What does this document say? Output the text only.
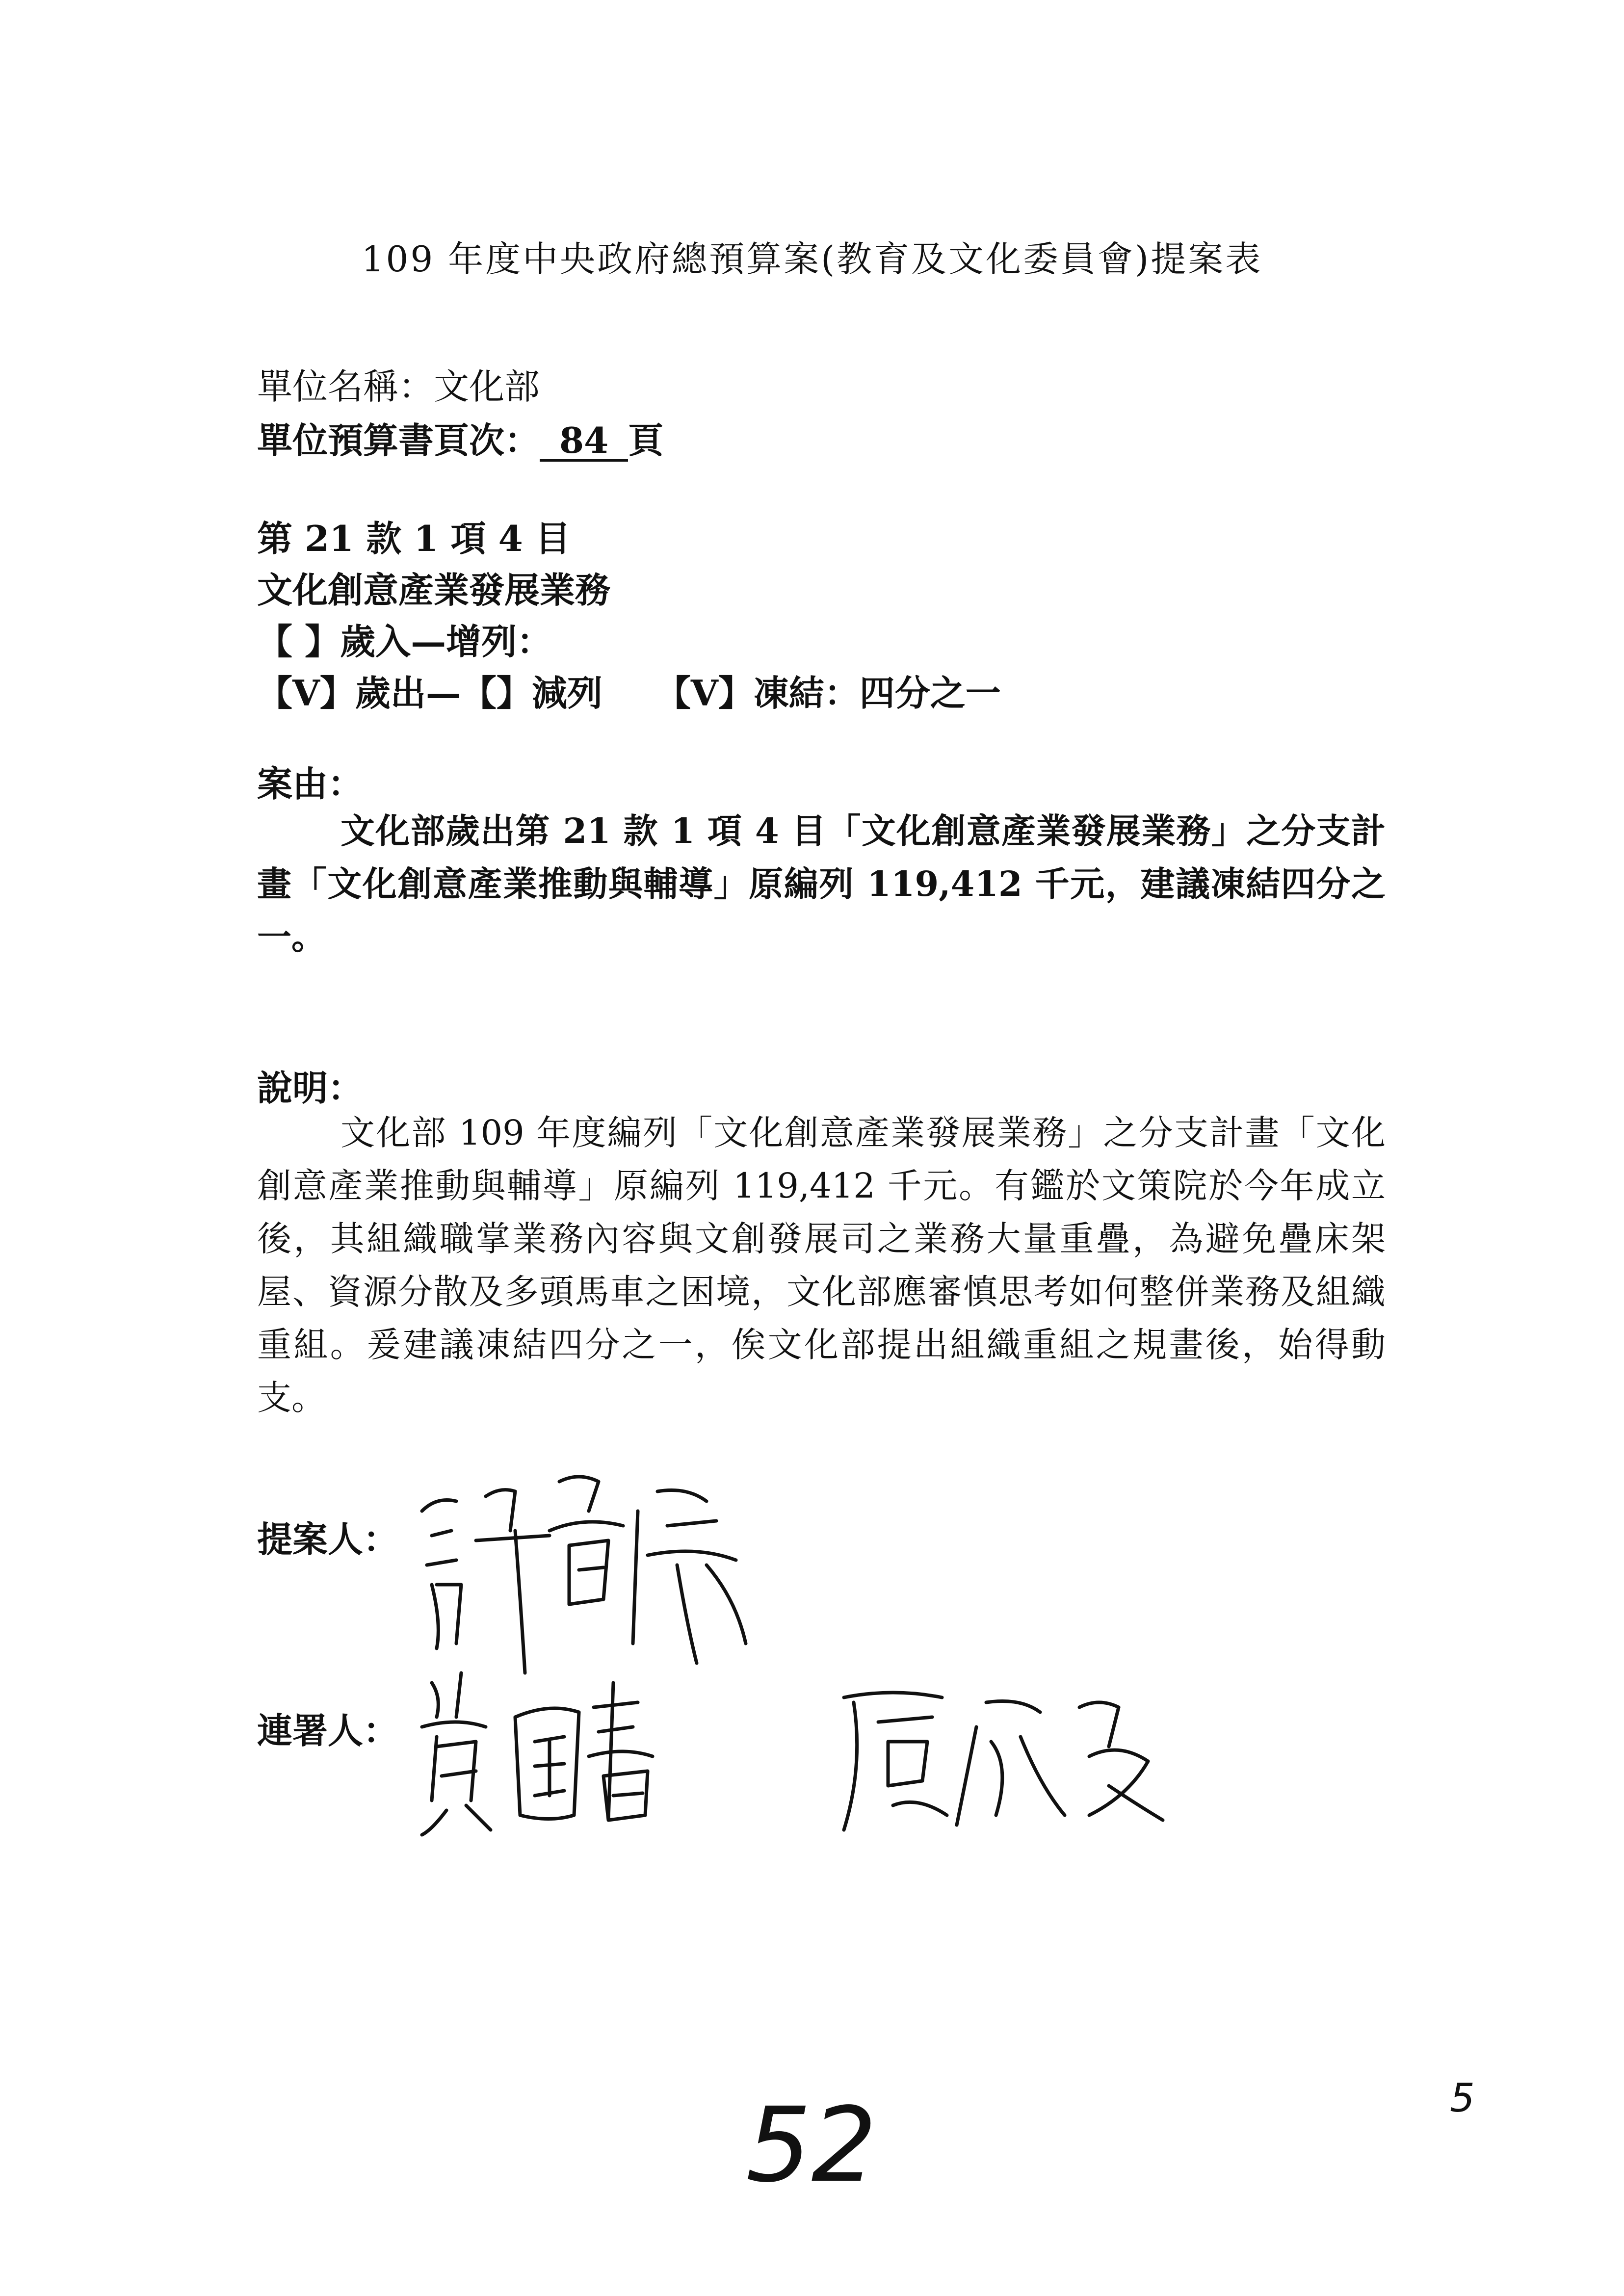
109 年度中央政府總預算案(教育及文化委員會)提案表
單位名稱：文化部
單位預算書頁次： 84 頁
第 21 款 1 項 4 目
文化創意產業發展業務
【 】歲入—增列：
【V】歲出—【】減列　　【V】凍結：四分之一
案由：
文化部歲出第 21 款 1 項 4 目「文化創意產業發展業務」之分支計畫「文化創意產業推動與輔導」原編列 119,412 千元，建議凍結四分之一。
說明：
文化部 109 年度編列「文化創意產業發展業務」之分支計畫「文化創意產業推動與輔導」原編列 119,412 千元。有鑑於文策院於今年成立後，其組織職掌業務內容與文創發展司之業務大量重疊，為避免疊床架屋、資源分散及多頭馬車之困境，文化部應審慎思考如何整併業務及組織重組。爰建議凍結四分之一，俟文化部提出組織重組之規畫後，始得動支。
提案人：
連署人：
52	5
